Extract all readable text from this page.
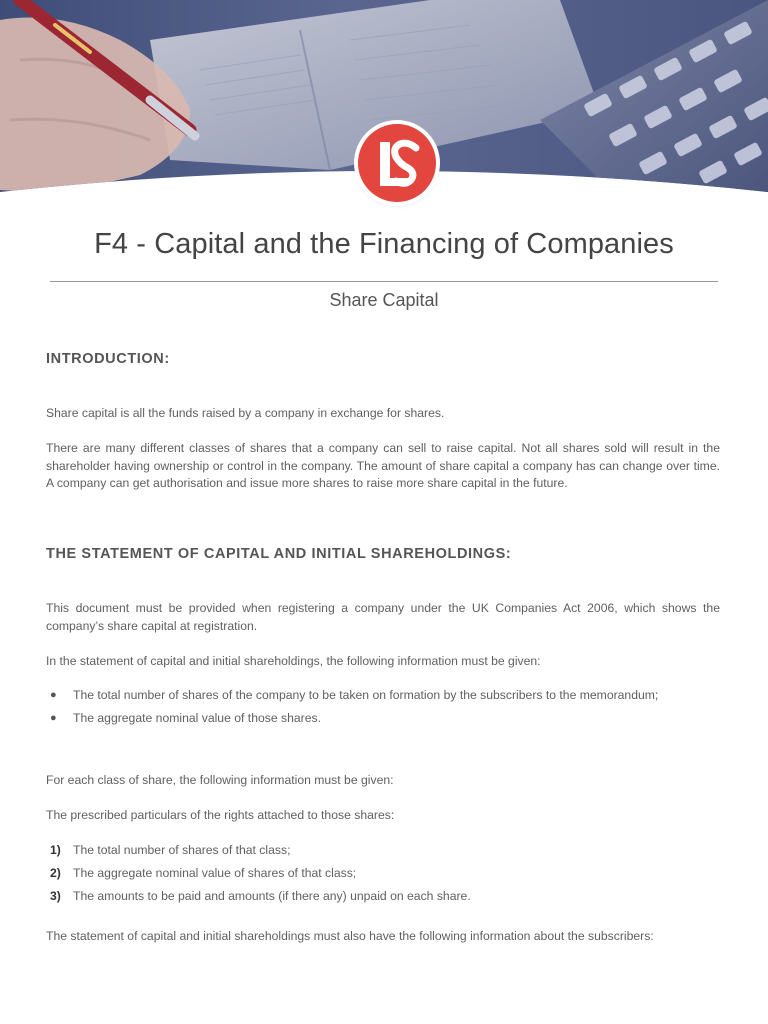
F4 - Capital and the Financing of Companies
Share Capital
INTRODUCTION:

Share capital is all the funds raised by a company in exchange for shares.

There are many different classes of shares that a company can sell to raise capital. Not all shares sold will result in the shareholder having ownership or control in the company. The amount of share capital a company has can change over time. A company can get authorisation and issue more shares to raise more share capital in the future.

THE STATEMENT OF CAPITAL AND INITIAL SHAREHOLDINGS:

This document must be provided when registering a company under the UK Companies Act 2006, which shows the company’s share capital at registration.

In the statement of capital and initial shareholdings, the following information must be given:

● The total number of shares of the company to be taken on formation by the subscribers to the memorandum;
● The aggregate nominal value of those shares.

For each class of share, the following information must be given:

The prescribed particulars of the rights attached to those shares:

1) The total number of shares of that class;
2) The aggregate nominal value of shares of that class;
3) The amounts to be paid and amounts (if there any) unpaid on each share.

The statement of capital and initial shareholdings must also have the following information about the subscribers:
